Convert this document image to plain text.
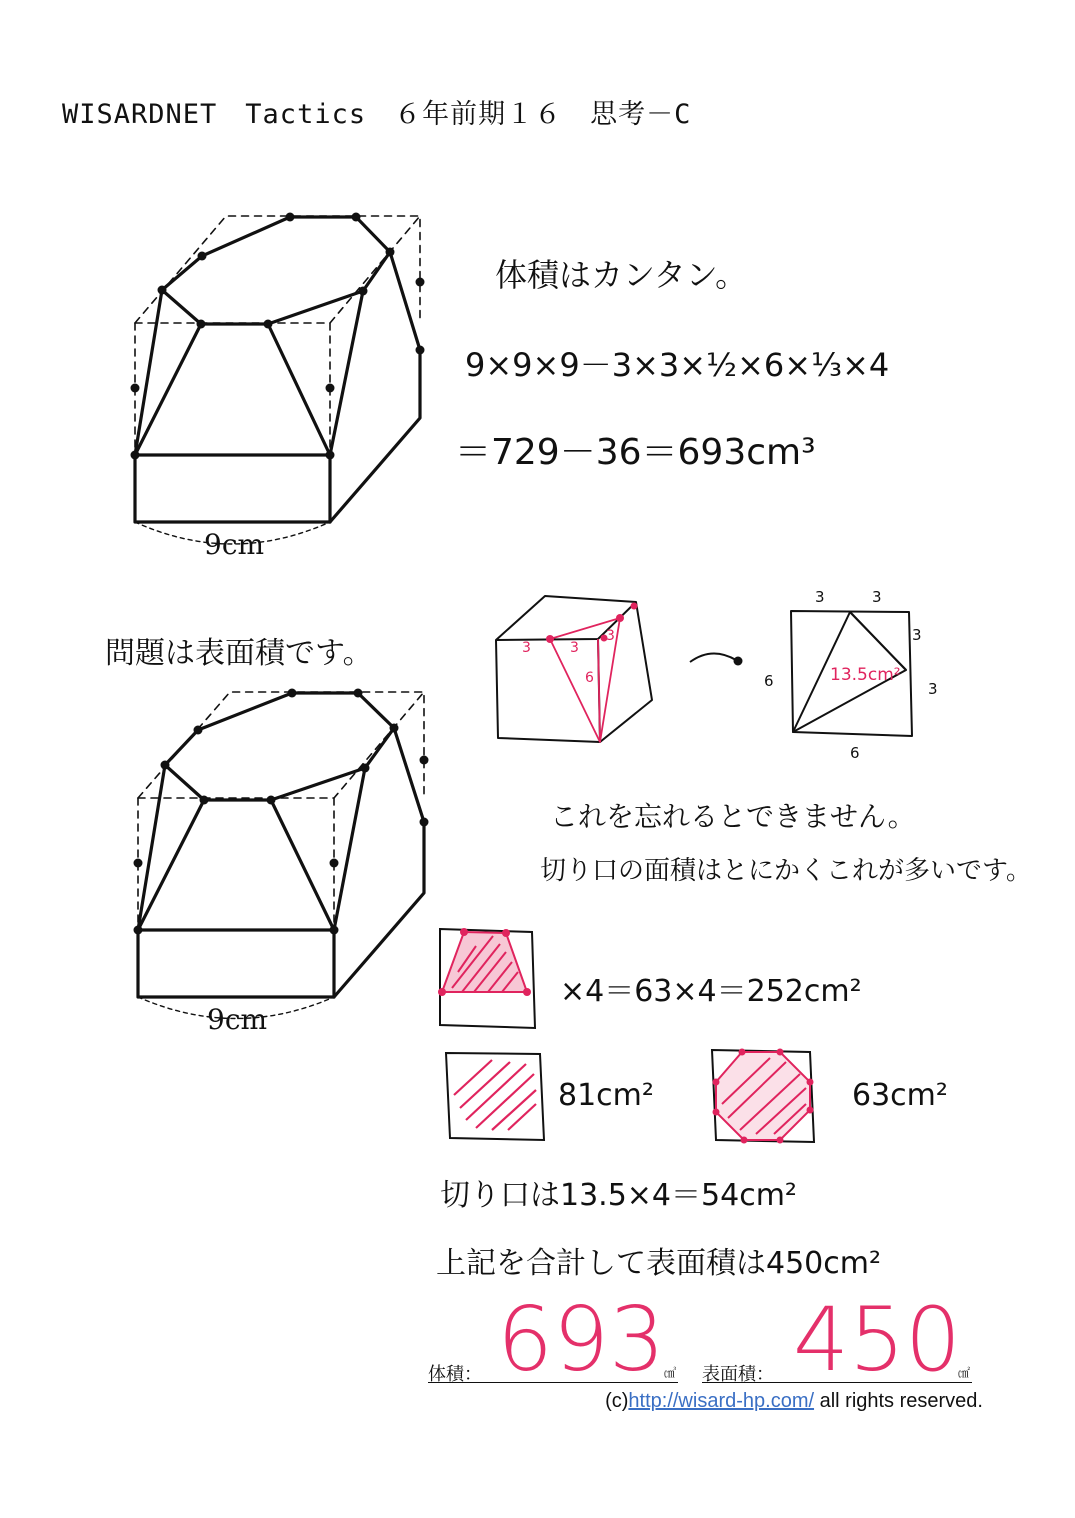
WISARDNET　Tactics　６年前期１６　思考－C
9cm
9cm
体積はカンタン。
9×9×9－3×3×½×6×⅓×4
＝729－36＝693cm³
問題は表面積です。	3	3
6
3
3	3
3
3
6
6
13.5cm²
これを忘れるとできません。
切り口の面積はとにかくこれが多いです。
×4＝63×4＝252cm²
81cm²	63cm²
切り口は13.5×4＝54cm²
上記を合計して表面積は450cm²
体積： 693 ㎤ 表面積： 450
㎠
(c)http://wisard-hp.com/ all rights reserved.
